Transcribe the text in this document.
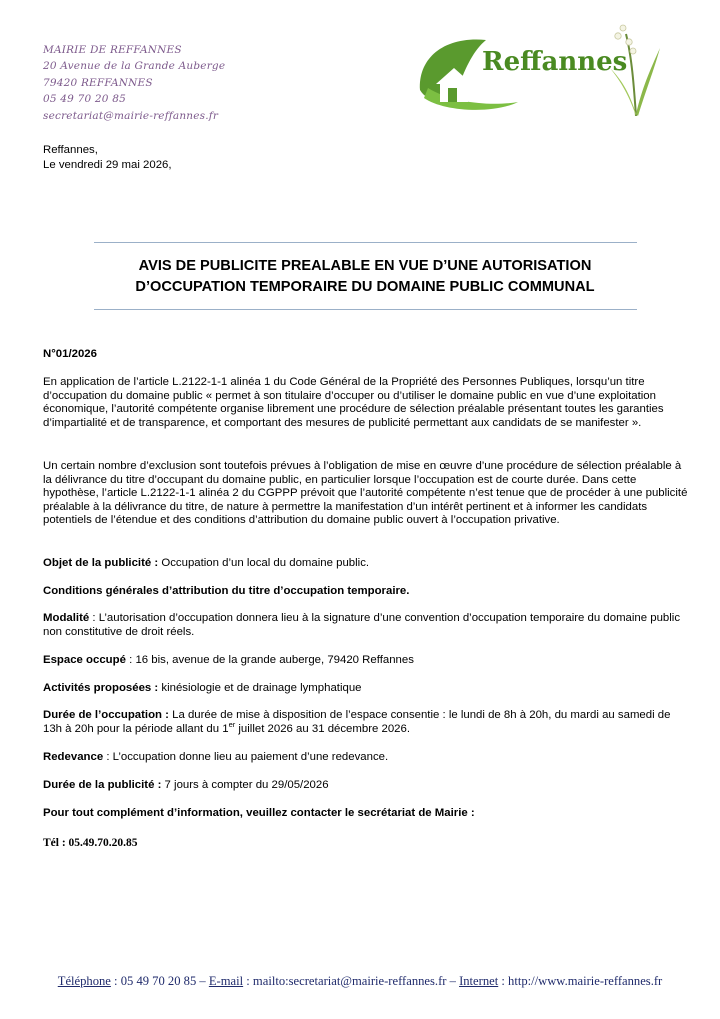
MAIRIE DE REFFANNES
20 Avenue de la Grande Auberge
79420 REFFANNES
05 49 70 20 85
secretariat@mairie-reffannes.fr
Reffannes
Reffannes,
Le vendredi 29 mai 2026,
AVIS DE PUBLICITE PREALABLE EN VUE D’UNE AUTORISATION
D’OCCUPATION TEMPORAIRE DU DOMAINE PUBLIC COMMUNAL

N°01/2026

En application de l’article L.2122-1-1 alinéa 1 du Code Général de la Propriété des Personnes Publiques, lorsqu’un titre d’occupation du domaine public « permet à son titulaire d’occuper ou d’utiliser le domaine public en vue d’une exploitation économique, l’autorité compétente organise librement une procédure de sélection préalable présentant toutes les garanties d’impartialité et de transparence, et comportant des mesures de publicité permettant aux candidats de se manifester ».

Un certain nombre d’exclusion sont toutefois prévues à l’obligation de mise en œuvre d’une procédure de sélection préalable à la délivrance du titre d’occupant du domaine public, en particulier lorsque l’occupation est de courte durée. Dans cette hypothèse, l’article L.2122-1-1 alinéa 2 du CGPPP prévoit que l’autorité compétente n’est tenue que de procéder à une publicité préalable à la délivrance du titre, de nature à permettre la manifestation d’un intérêt pertinent et à informer les candidats potentiels de l’étendue et des conditions d’attribution du domaine public ouvert à l’occupation privative.

Objet de la publicité : Occupation d’un local du domaine public.

Conditions générales d’attribution du titre d’occupation temporaire.

Modalité : L’autorisation d’occupation donnera lieu à la signature d’une convention d’occupation temporaire du domaine public non constitutive de droit réels.

Espace occupé : 16 bis, avenue de la grande auberge, 79420 Reffannes

Activités proposées : kinésiologie et de drainage lymphatique

Durée de l’occupation : La durée de mise à disposition de l’espace consentie : le lundi de 8h à 20h, du mardi au samedi de 13h à 20h pour la période allant du 1er juillet 2026 au 31 décembre 2026.

Redevance : L’occupation donne lieu au paiement d’une redevance.

Durée de la publicité : 7 jours à compter du 29/05/2026

Pour tout complément d’information, veuillez contacter le secrétariat de Mairie :

Tél : 05.49.70.20.85
Téléphone : 05 49 70 20 85 – E-mail : mailto:secretariat@mairie-reffannes.fr – Internet : http://www.mairie-reffannes.fr
